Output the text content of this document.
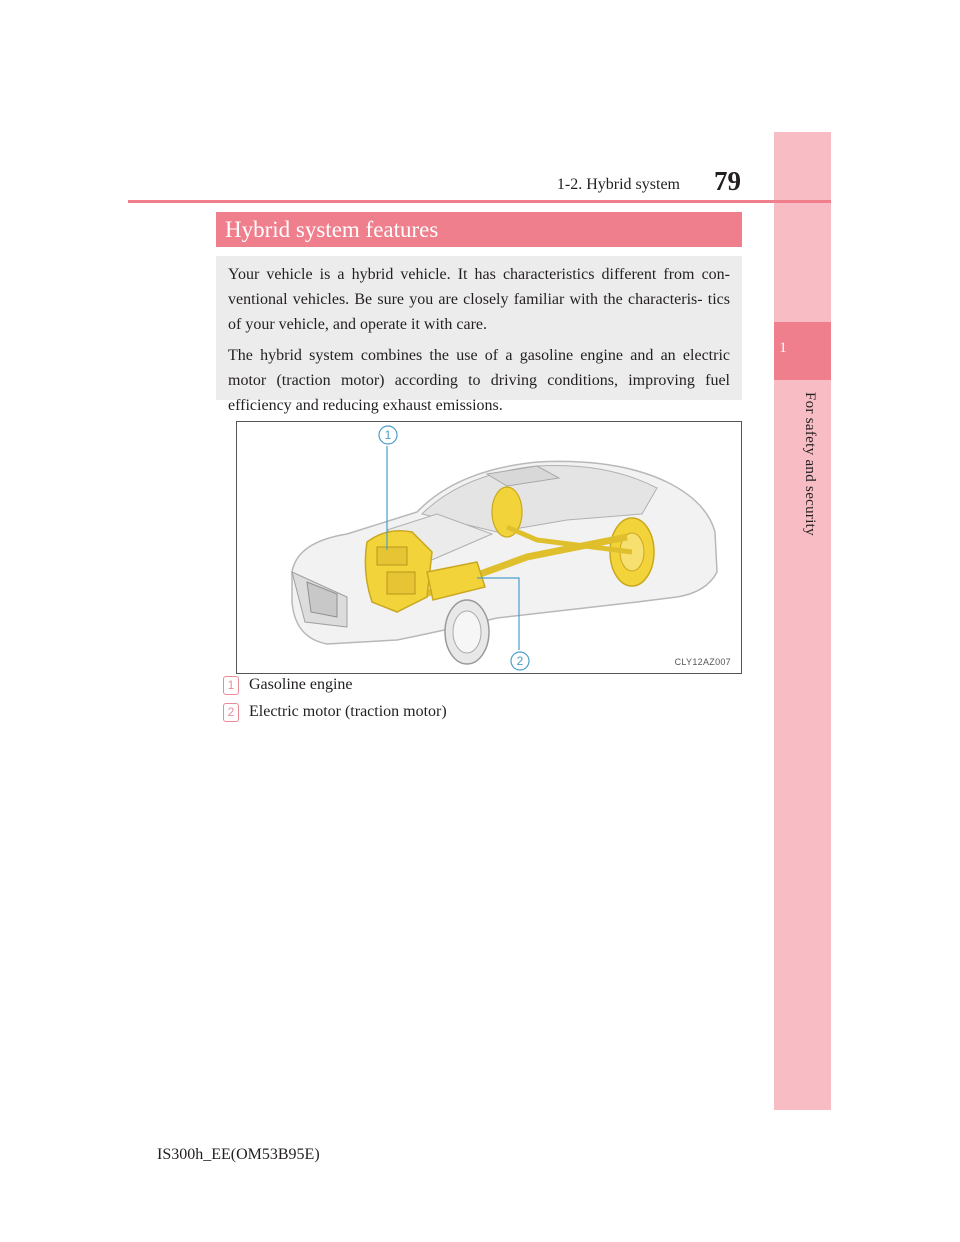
1
For safety and security
1-2. Hybrid system 79
Hybrid system features

Your vehicle is a hybrid vehicle. It has characteristics different from con- ventional vehicles. Be sure you are closely familiar with the characteris- tics of your vehicle, and operate it with care.

The hybrid system combines the use of a gasoline engine and an electric motor (traction motor) according to driving conditions, improving fuel efficiency and reducing exhaust emissions.

1
2	CLY12AZ007
1 Gasoline engine
2 Electric motor (traction motor)
IS300h_EE(OM53B95E)
